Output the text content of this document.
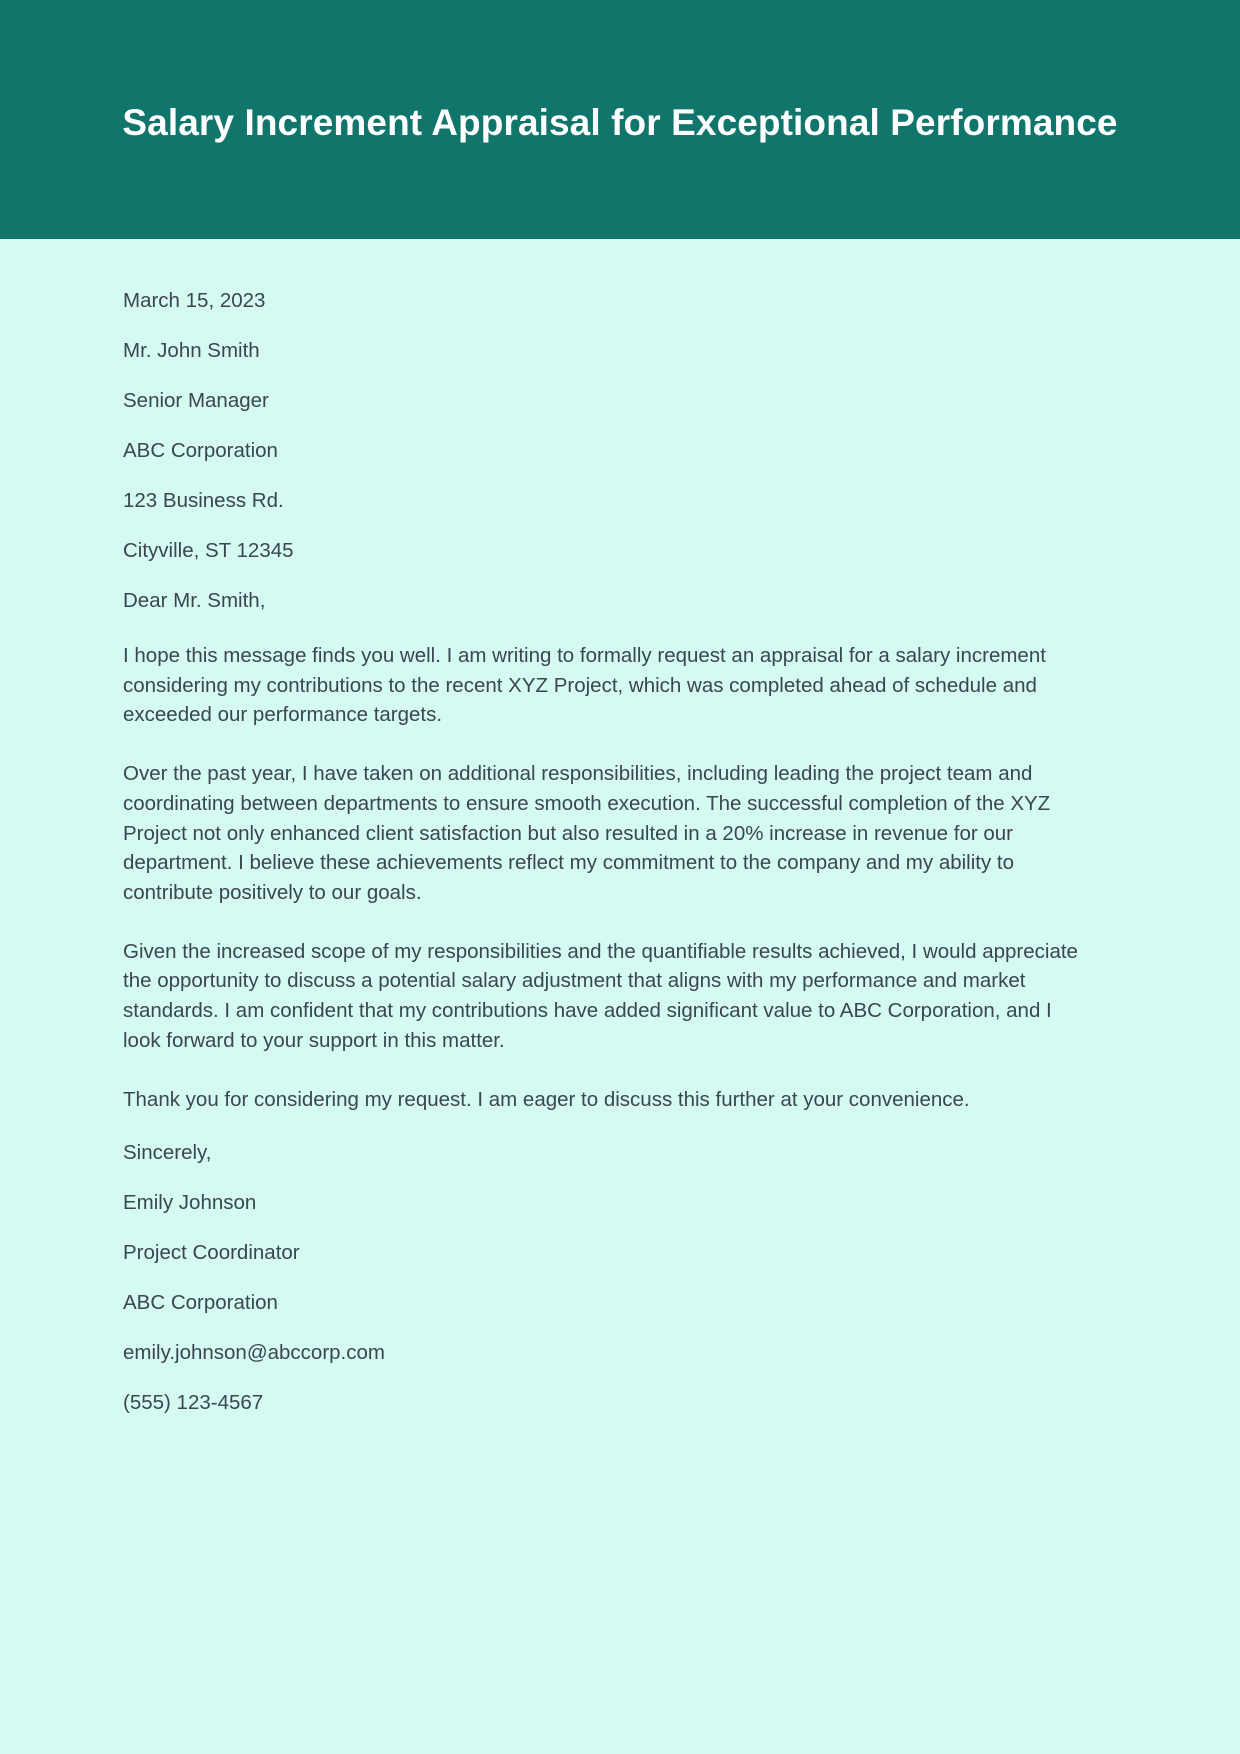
Salary Increment Appraisal for Exceptional Performance

March 15, 2023

Mr. John Smith

Senior Manager

ABC Corporation

123 Business Rd.

Cityville, ST 12345

Dear Mr. Smith,

I hope this message finds you well. I am writing to formally request an appraisal for a salary increment considering my contributions to the recent XYZ Project, which was completed ahead of schedule and exceeded our performance targets.

Over the past year, I have taken on additional responsibilities, including leading the project team and coordinating between departments to ensure smooth execution. The successful completion of the XYZ Project not only enhanced client satisfaction but also resulted in a 20% increase in revenue for our department. I believe these achievements reflect my commitment to the company and my ability to contribute positively to our goals.

Given the increased scope of my responsibilities and the quantifiable results achieved, I would appreciate the opportunity to discuss a potential salary adjustment that aligns with my performance and market standards. I am confident that my contributions have added significant value to ABC Corporation, and I look forward to your support in this matter.

Thank you for considering my request. I am eager to discuss this further at your convenience.

Sincerely,

Emily Johnson

Project Coordinator

ABC Corporation

emily.johnson@abccorp.com

(555) 123-4567
